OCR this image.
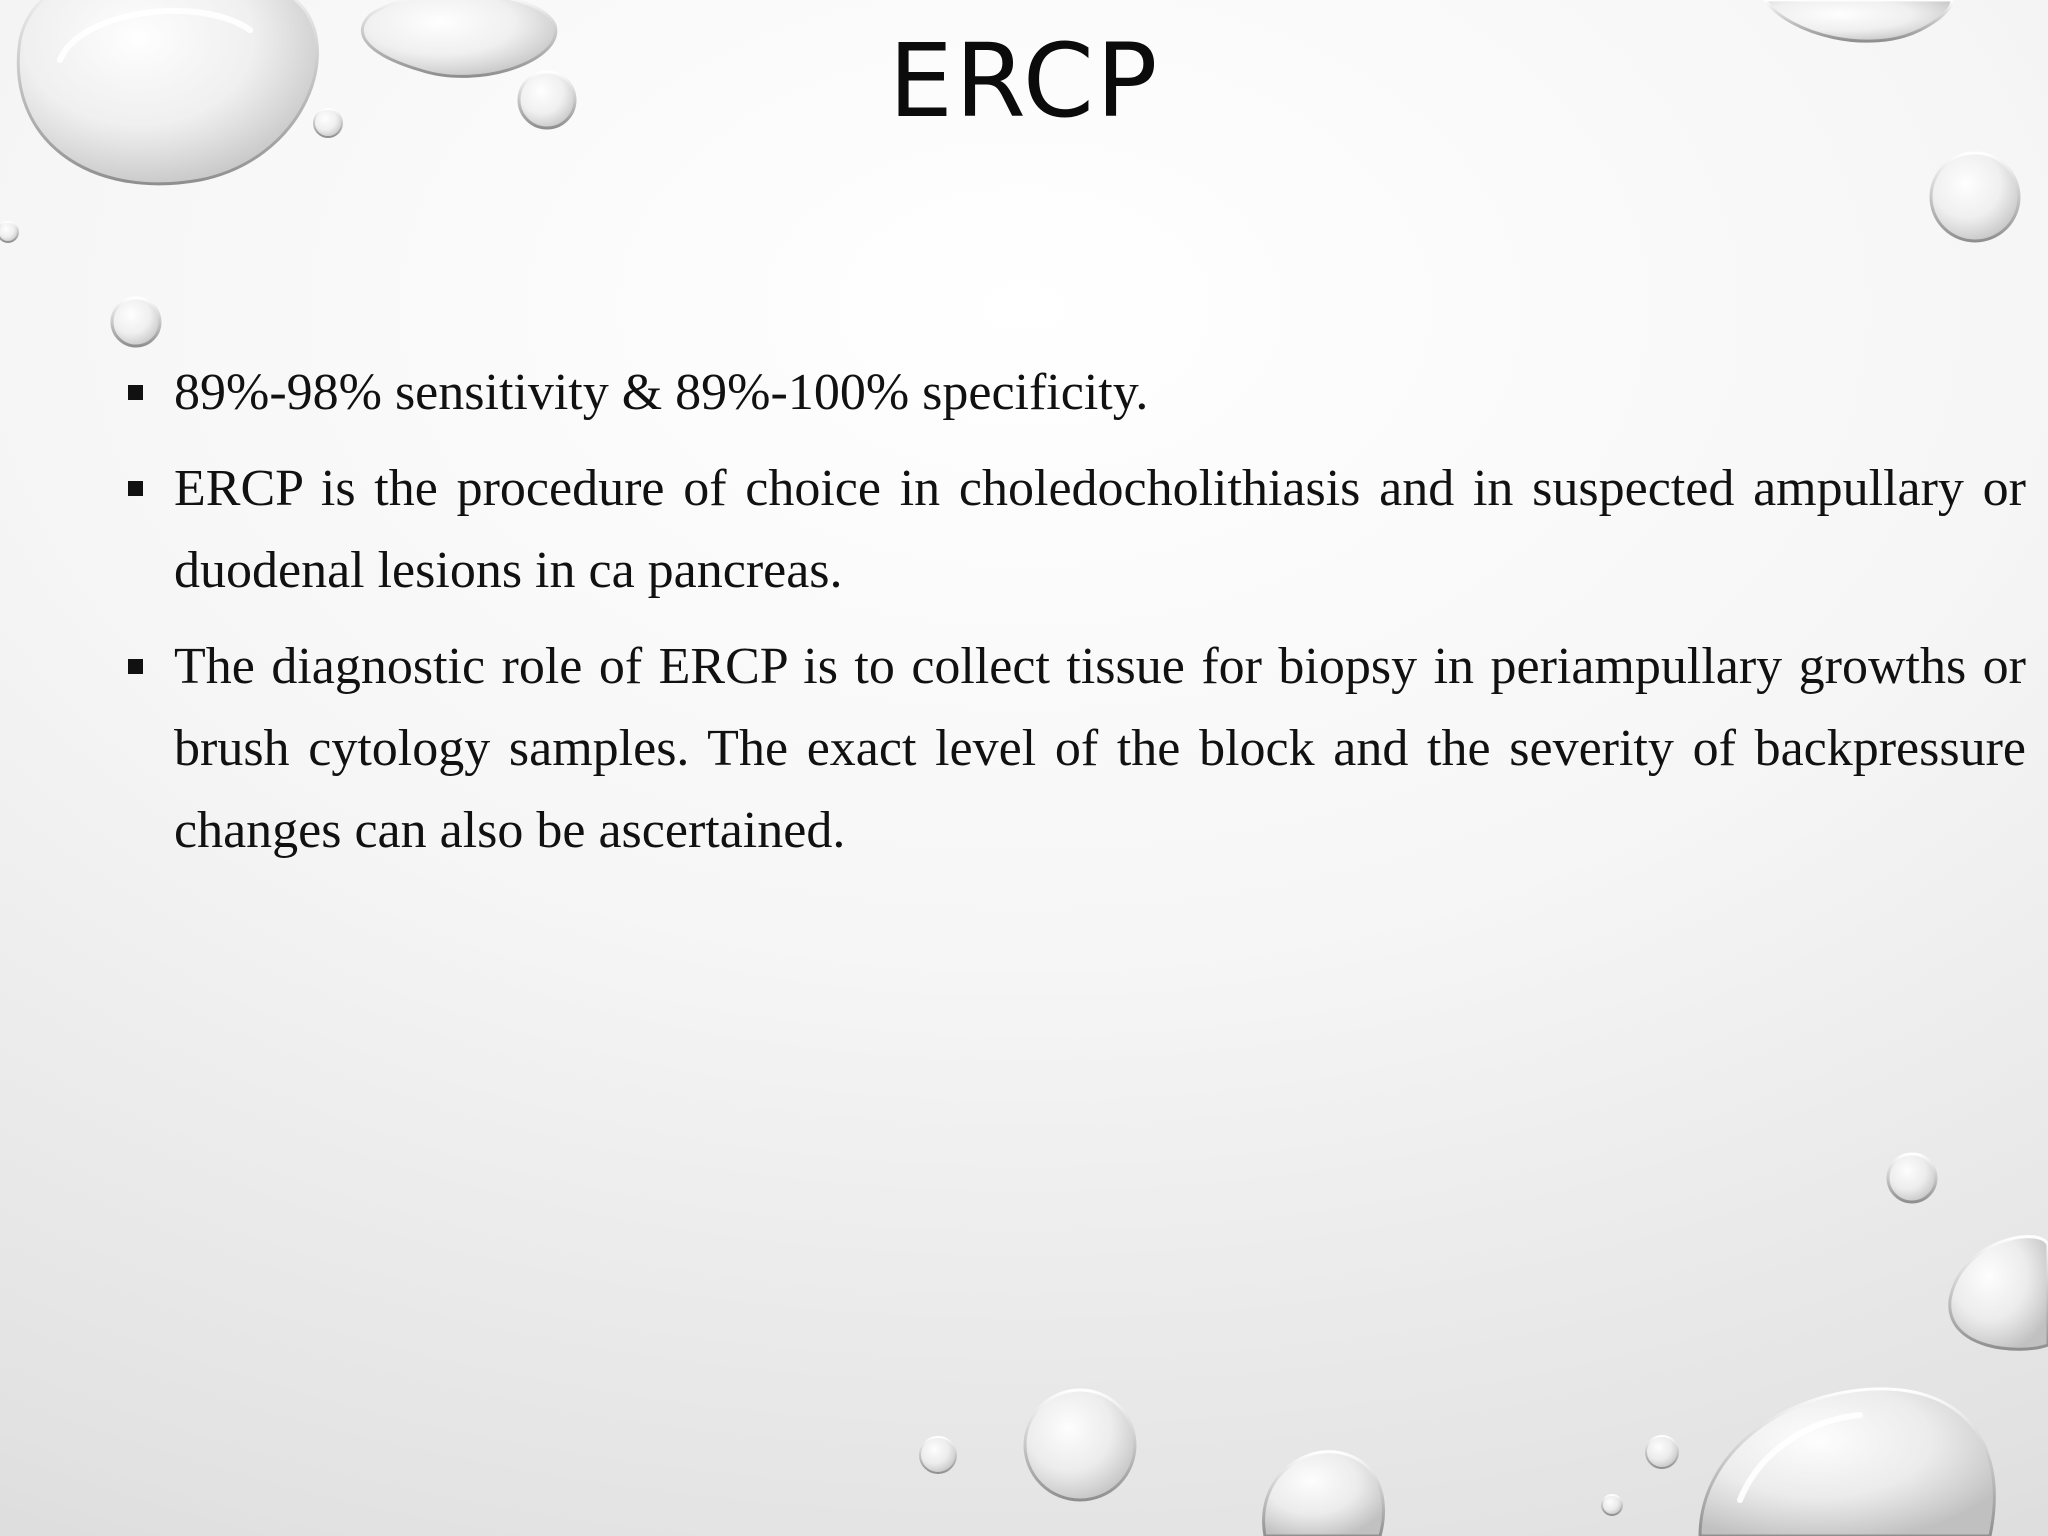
ERCP
89%-98% sensitivity & 89%-100% specificity.
ERCP is the procedure of choice in choledocholithiasis and in suspected ampullary or duodenal lesions in ca pancreas.
The diagnostic role of ERCP is to collect tissue for biopsy in periampullary growths or brush cytology samples. The exact level of the block and the severity of backpressure changes can also be ascertained.
